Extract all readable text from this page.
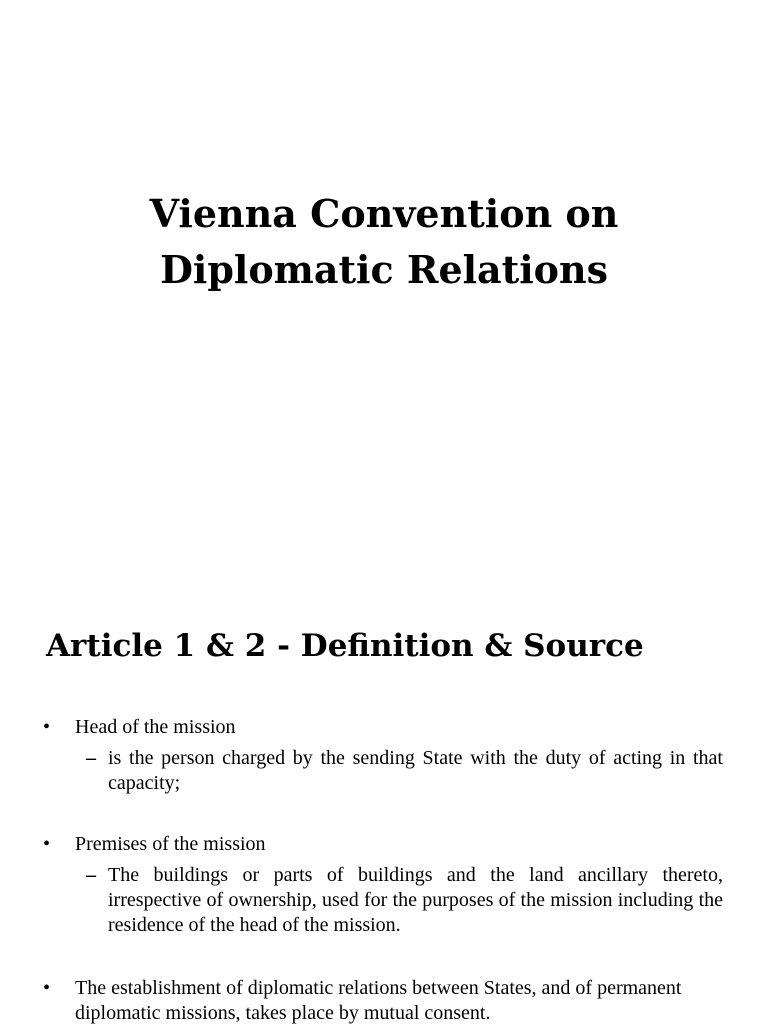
Vienna Convention on
Diplomatic Relations
Article 1 & 2 - Definition & Source
•	Head of the mission
– is the person charged by the sending State with the duty of acting in that capacity;
•	Premises of the mission
– The buildings or parts of buildings and the land ancillary thereto, irrespective of ownership, used for the purposes of the mission including the residence of the head of the mission.
•	The establishment of diplomatic relations between States, and of permanent diplomatic missions, takes place by mutual consent.
